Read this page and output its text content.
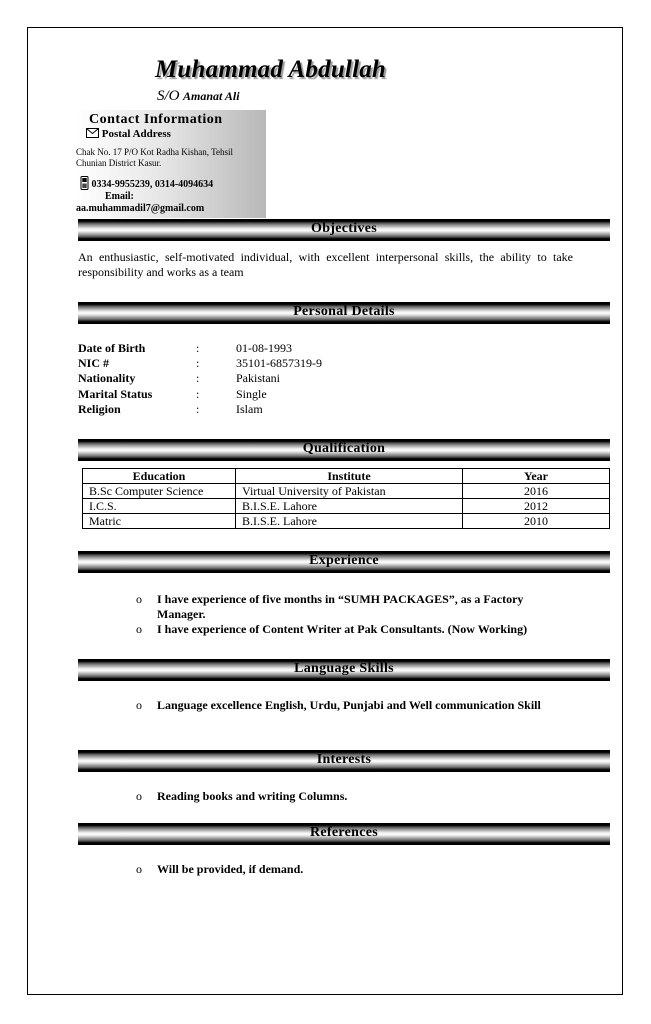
Muhammad Abdullah
S/O Amanat Ali
Contact Information
Postal Address
Chak No. 17 P/O Kot Radha Kishan, Tehsil Chunian District Kasur.
0334-9955239, 0314-4094634
Email:
aa.muhammadil7@gmail.com
Objectives
An enthusiastic, self-motivated individual, with excellent interpersonal skills, the ability to take responsibility and works as a team
Personal Details
Date of Birth	:	01-08-1993
NIC #	:	35101-6857319-9
Nationality	:	Pakistani
Marital Status	:	Single
Religion	:	Islam
Qualification
Education	Institute	Year
B.Sc Computer Science	Virtual University of Pakistan	2016
I.C.S.	B.I.S.E. Lahore	2012
Matric	B.I.S.E. Lahore	2010
Experience
o I have experience of five months in “SUMH PACKAGES”, as a Factory Manager.
o I have experience of Content Writer at Pak Consultants. (Now Working)
Language Skills
o Language excellence English, Urdu, Punjabi and Well communication Skill
Interests
o Reading books and writing Columns.
References
o Will be provided, if demand.
